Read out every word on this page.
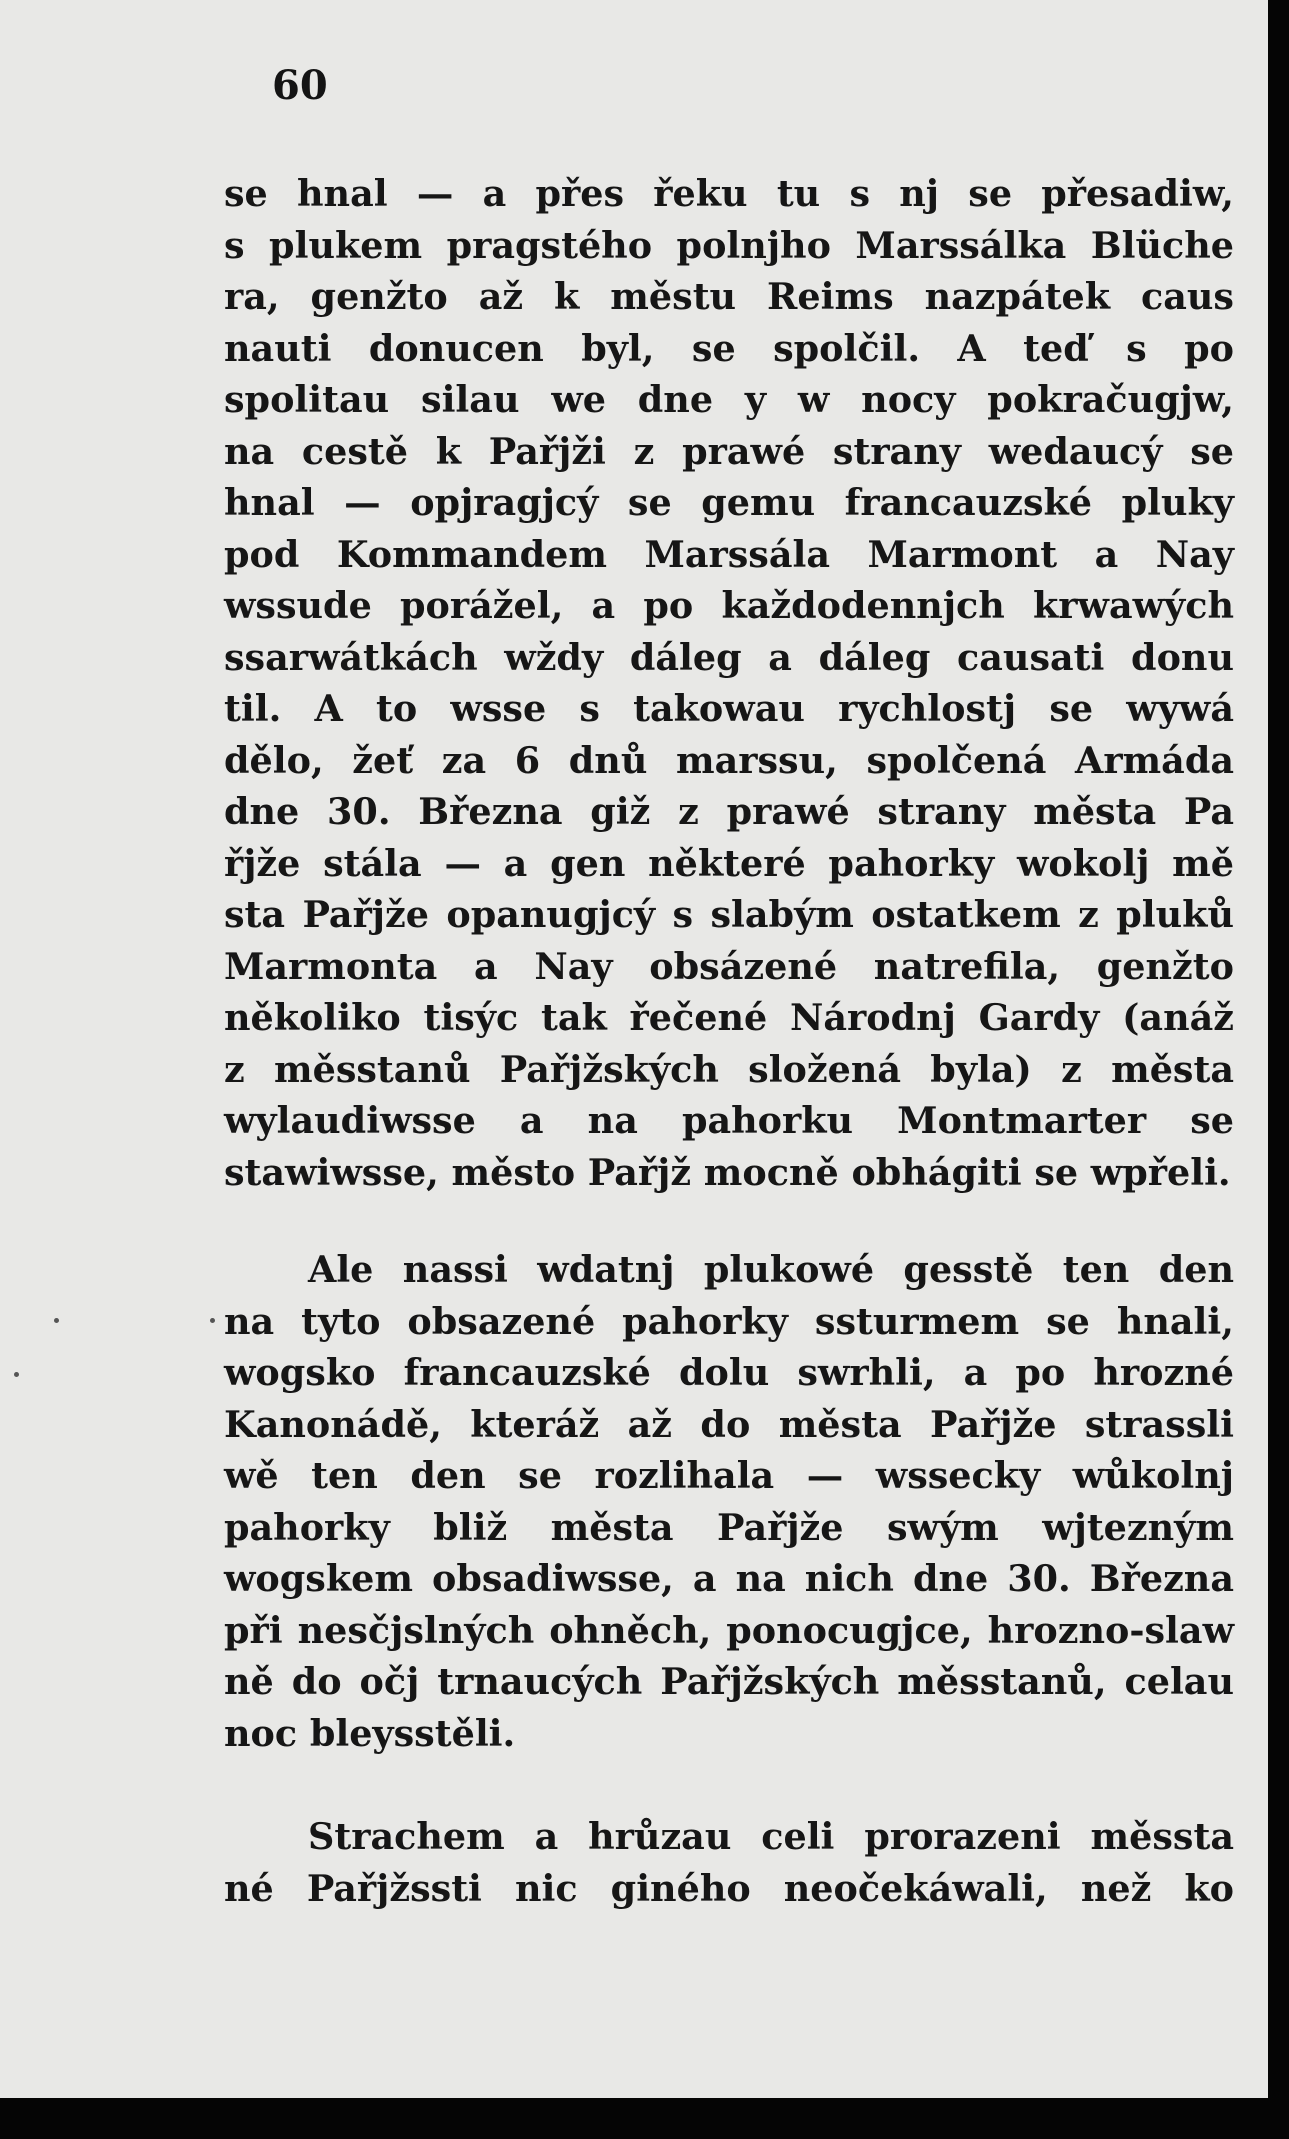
60

se hnal — a přes řeku tu s nj se přesadiw,
s plukem pragstého polnjho Marssálka Blüche
ra, genžto až k městu Reims nazpátek caus
nauti donucen byl, se spolčil. A teď s po
spolitau silau we dne y w nocy pokračugjw,
na cestě k Pařjži z prawé strany wedaucý se
hnal — opjragjcý se gemu francauzské pluky
pod Kommandem Marssála Marmont a Nay
wssude porážel, a po každodennjch krwawých
ssarwátkách wždy dáleg a dáleg causati donu
til. A to wsse s takowau rychlostj se wywá
dělo, žeť za 6 dnů marssu, spolčená Armáda
dne 30. Března giž z prawé strany města Pa
řjže stála — a gen některé pahorky wokolj mě
sta Pařjže opanugjcý s slabým ostatkem z pluků
Marmonta a Nay obsázené natrefila, genžto
několiko tisýc tak řečené Národnj Gardy (anáž
z měsstanů Pařjžských složená byla) z města
wylaudiwsse a na pahorku Montmarter se
stawiwsse, město Pařjž mocně obhágiti se wpřeli.

Ale nassi wdatnj plukowé gesstě ten den
na tyto obsazené pahorky ssturmem se hnali,
wogsko francauzské dolu swrhli, a po hrozné
Kanonádě, kteráž až do města Pařjže strassli
wě ten den se rozlihala — wssecky wůkolnj
pahorky bliž města Pařjže swým wjtezným
wogskem obsadiwsse, a na nich dne 30. Března
při nesčjslných ohněch, ponocugjce, hrozno-slaw
ně do očj trnaucých Pařjžských měsstanů, celau
noc bleysstěli.

Strachem a hrůzau celi prorazeni měssta
né Pařjžssti nic giného neočekáwali, než ko
